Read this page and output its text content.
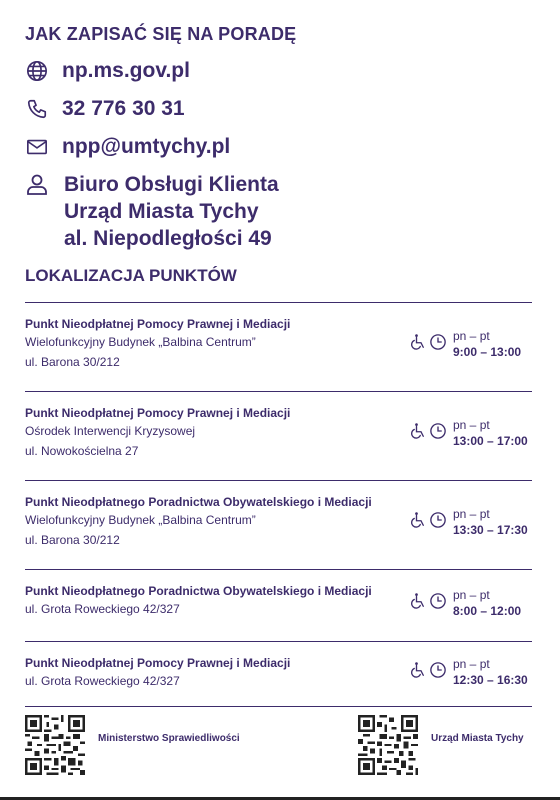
JAK ZAPISAĆ SIĘ NA PORADĘ
np.ms.gov.pl
32 776 30 31
npp@umtychy.pl
Biuro Obsługi Klienta
Urząd Miasta Tychy
al. Niepodległości 49
LOKALIZACJA PUNKTÓW
Punkt Nieodpłatnej Pomocy Prawnej i Mediacji
Wielofunkcyjny Budynek „Balbina Centrum”
ul. Barona 30/212
pn – pt
9:00 – 13:00
Punkt Nieodpłatnej Pomocy Prawnej i Mediacji
Ośrodek Interwencji Kryzysowej
ul. Nowokościelna 27
pn – pt
13:00 – 17:00
Punkt Nieodpłatnego Poradnictwa Obywatelskiego i Mediacji
Wielofunkcyjny Budynek „Balbina Centrum”
ul. Barona 30/212
pn – pt
13:30 – 17:30
Punkt Nieodpłatnego Poradnictwa Obywatelskiego i Mediacji
ul. Grota Roweckiego 42/327
pn – pt
8:00 – 12:00
Punkt Nieodpłatnej Pomocy Prawnej i Mediacji
ul. Grota Roweckiego 42/327
pn – pt
12:30 – 16:30
Ministerstwo Sprawiedliwości	Urząd Miasta Tychy
